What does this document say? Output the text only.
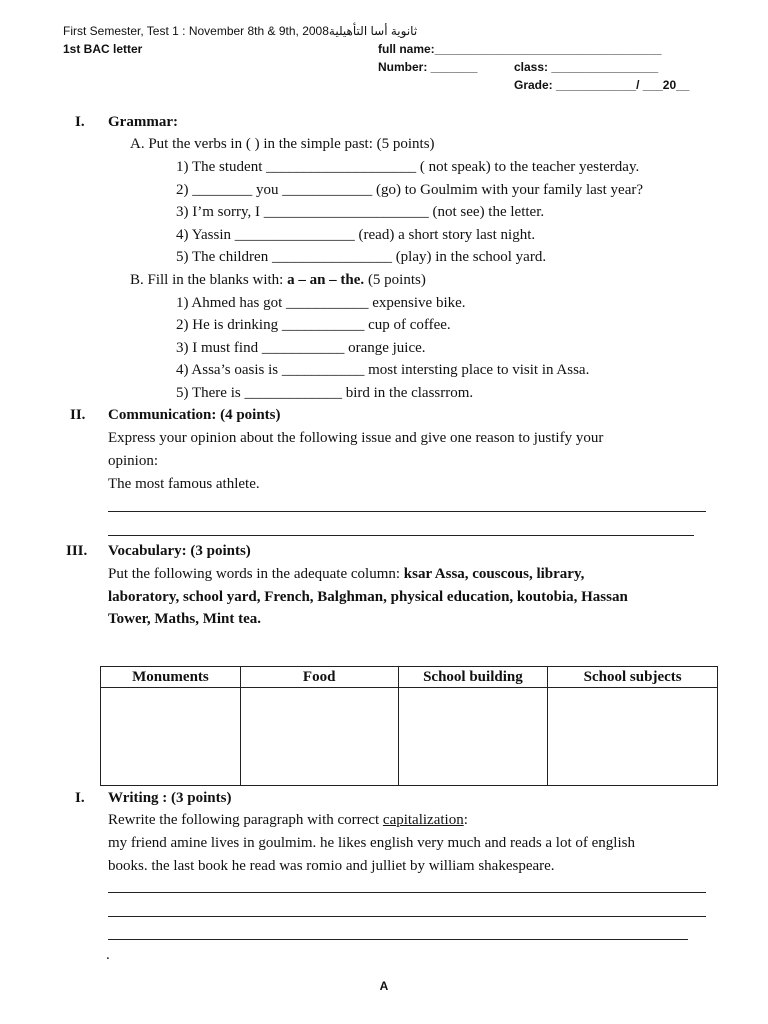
First Semester, Test 1 : November 8th & 9th, 2008ثانوية أسا التأهيلية
1st BAC letter	full name:__________________________________
Number: _______	class: ________________
Grade: ____________/ ___20__
I. Grammar:
A. Put the verbs in ( ) in the simple past: (5 points)
1) The student ____________________ ( not speak) to the teacher yesterday.
2) ________ you ____________ (go) to Goulmim with your family last year?
3) I’m sorry, I ______________________ (not see) the letter.
4) Yassin ________________ (read) a short story last night.
5) The children ________________ (play) in the school yard.
B. Fill in the blanks with: a – an – the. (5 points)
1) Ahmed has got ___________ expensive bike.
2) He is drinking ___________ cup of coffee.
3) I must find ___________ orange juice.
4) Assa’s oasis is ___________ most intersting place to visit in Assa.
5) There is _____________ bird in the classrrom.
II. Communication: (4 points)
Express your opinion about the following issue and give one reason to justify your
opinion:
The most famous athlete.
III. Vocabulary: (3 points)
Put the following words in the adequate column: ksar Assa, couscous, library,
laboratory, school yard, French, Balghman, physical education, koutobia, Hassan
Tower, Maths, Mint tea.
Monuments	Food	School building	School subjects

I. Writing : (3 points)
Rewrite the following paragraph with correct capitalization:
my friend amine lives in goulmim. he likes english very much and reads a lot of english
books. the last book he read was romio and julliet by william shakespeare.
.
A
